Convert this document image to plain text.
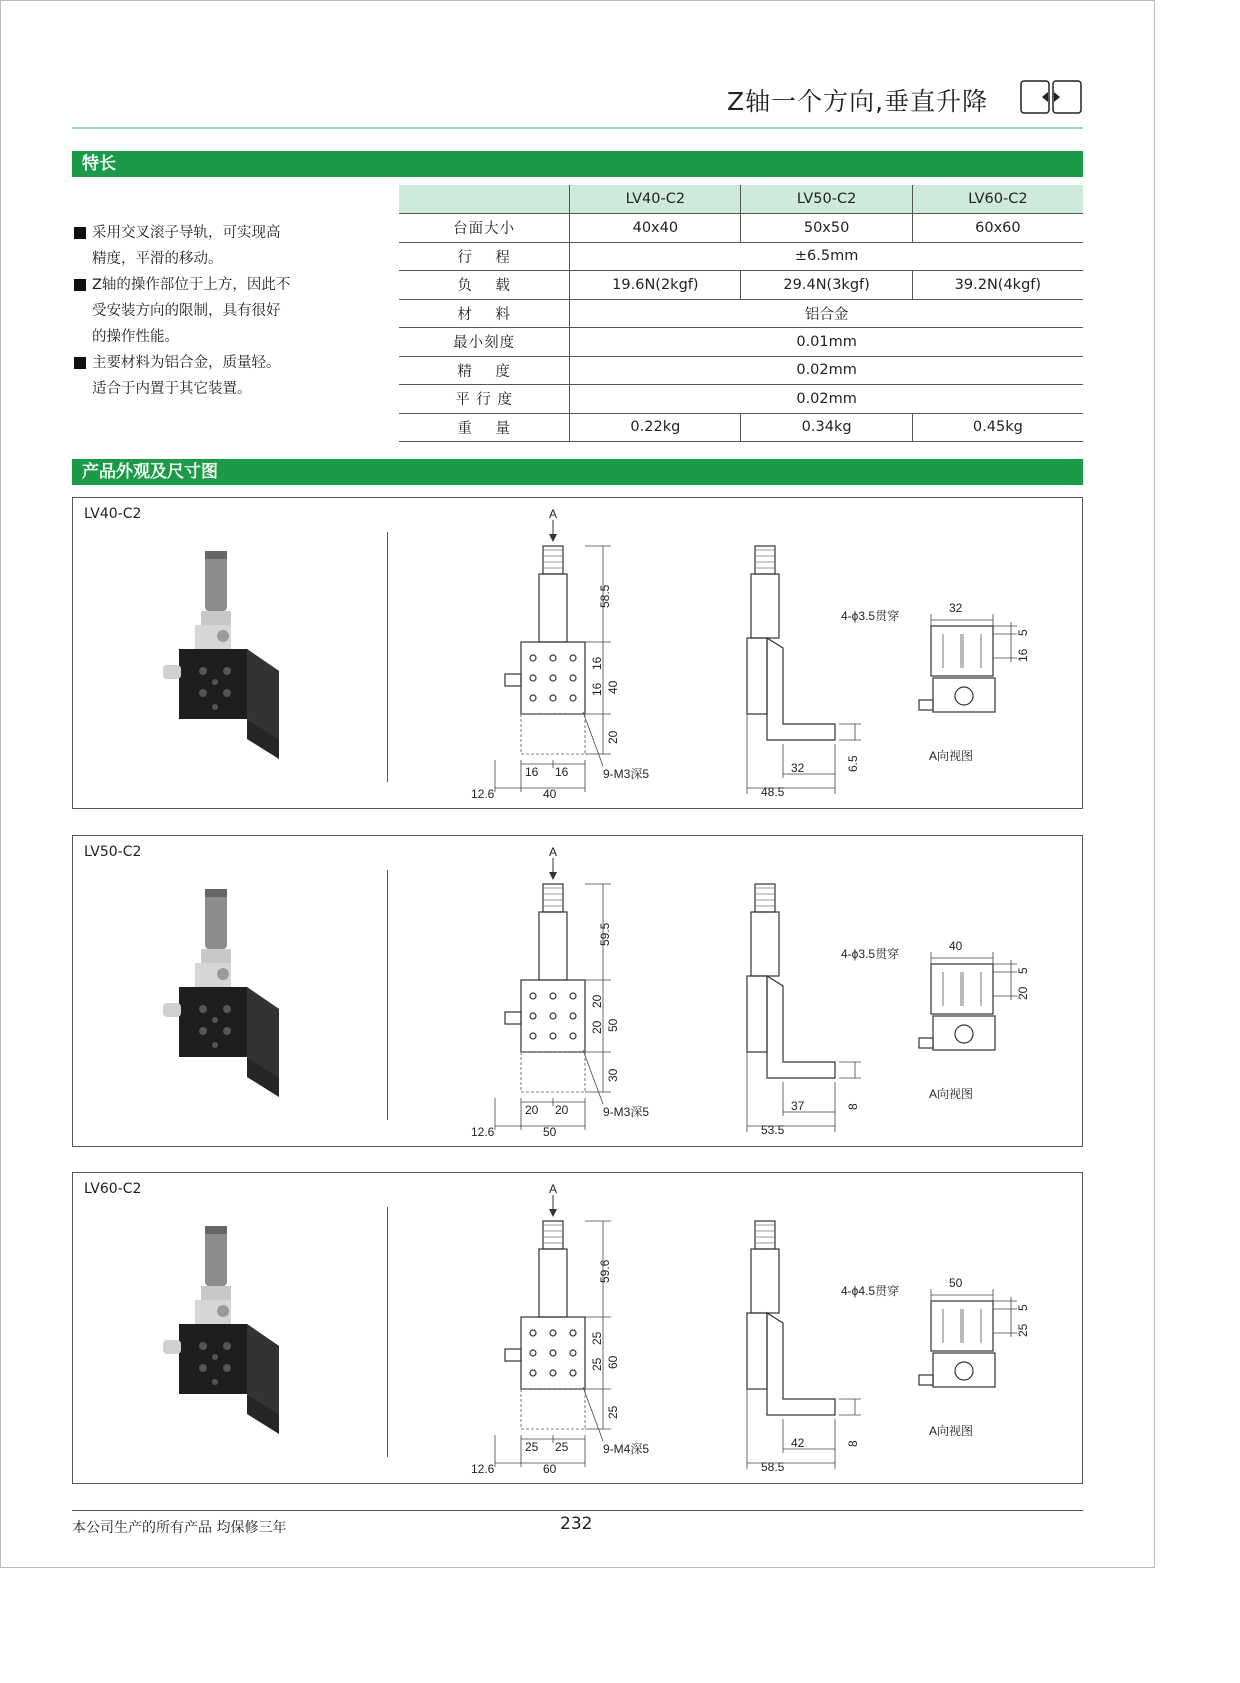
Z轴一个方向,垂直升降
特长
采用交叉滚子导轨，可实现高
精度，平滑的移动。
Z轴的操作部位于上方，因此不
受安装方向的限制，具有很好
的操作性能。
主要材料为铝合金，质量轻。
适合于内置于其它装置。
	LV40-C2	LV50-C2	LV60-C2
台面大小	40x40	50x50	60x60
行    程	±6.5mm		
负    载	19.6N(2kgf)	29.4N(3kgf)	39.2N(4kgf)
材    料	铝合金		
最小刻度	0.01mm		
精    度	0.02mm		
平 行 度	0.02mm		
重    量	0.22kg	0.34kg	0.45kg
产品外观及尺寸图
LV40-C2	A
58.5
16
16 40
20
16 16
40
12.6
9-M3深5	32
48.5
6.5
4-ϕ3.5贯穿
32
5
16
A向视图
LV50-C2	A
59.5
20
20 50
30
20 20
50
12.6
9-M3深5	37
53.5
8
4-ϕ3.5贯穿
40
5
20
A向视图
LV60-C2	A
59.6
25
25 60
25
25 25
60
12.6
9-M4深5	42
58.5
8
4-ϕ4.5贯穿
50
5
25
A向视图
本公司生产的所有产品 均保修三年	232
